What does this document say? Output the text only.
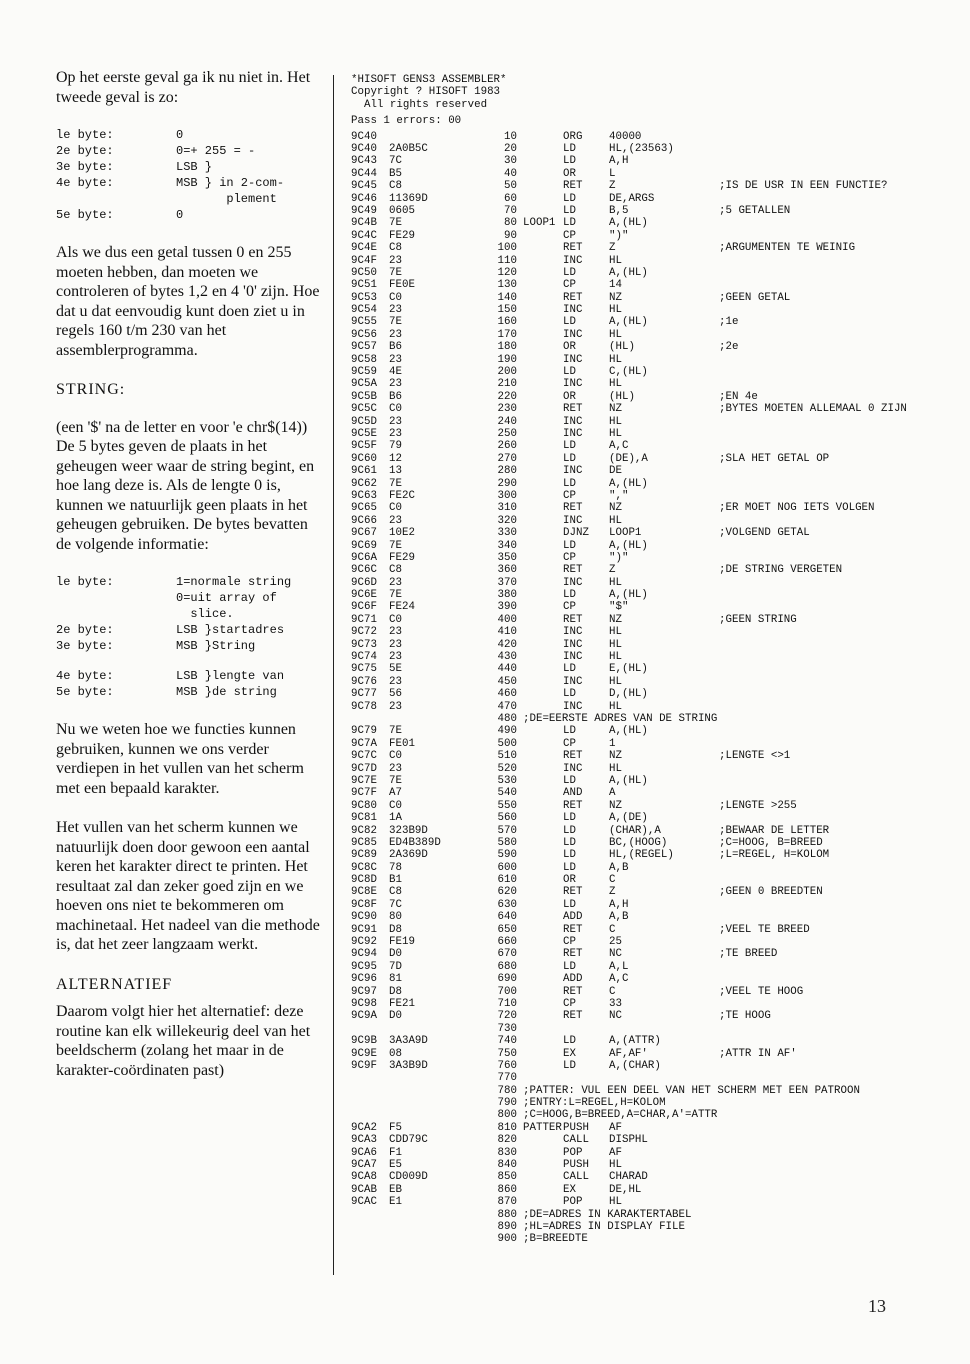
Op het eerste geval ga ik nu niet in. Het tweede geval is zo:

le byte:	0
2e byte:	0=+ 255 = -
3e byte:	LSB }
4e byte:	MSB } in 2-com-
plement
5e byte:	0

Als we dus een getal tussen 0 en 255 moeten hebben, dan moeten we controleren of bytes 1,2 en 4 '0' zijn. Hoe dat u dat eenvoudig kunt doen ziet u in regels 160 t/m 230 van het assemblerprogramma.

STRING:

(een '$' na de letter en voor 'e chr$(14))

De 5 bytes geven de plaats in het geheugen weer waar de string begint, en hoe lang deze is. Als de lengte 0 is, kunnen we natuurlijk geen plaats in het geheugen gebruiken. De bytes bevatten de volgende informatie:

le byte:	1=normale string
0=uit array of
slice.
2e byte:	LSB }startadres
3e byte:	MSB }String
4e byte:	LSB }lengte van
5e byte:	MSB }de string

Nu we weten hoe we functies kunnen gebruiken, kunnen we ons verder verdiepen in het vullen van het scherm met een bepaald karakter.

Het vullen van het scherm kunnen we natuurlijk doen door gewoon een aantal keren het karakter direct te printen. Het resultaat zal dan zeker goed zijn en we hoeven ons niet te bekommeren om machinetaal. Het nadeel van die methode is, dat het zeer langzaam werkt.

ALTERNATIEF

Daarom volgt hier het alternatief: deze routine kan elk willekeurig deel van het beeldscherm (zolang het maar in de karakter-coördinaten past)

*HISOFT GENS3 ASSEMBLER*
Copyright ? HISOFT 1983
All rights reserved
Pass 1 errors: 00
9C40	10	ORG	40000
9C40	2A0B5C	20	LD	HL,(23563)
9C43	7C	30	LD	A,H
9C44	B5	40	OR	L
9C45	C8	50	RET	Z	;IS DE USR IN EEN FUNCTIE?
9C46	11369D	60	LD	DE,ARGS
9C49	0605	70	LD	B,5	;5 GETALLEN
9C4B	7E	80 LOOP1 LD	A,(HL)
9C4C	FE29	90	CP	")"
9C4E	C8	100	RET	Z	;ARGUMENTEN TE WEINIG
9C4F	23	110	INC	HL
9C50	7E	120	LD	A,(HL)
9C51	FE0E	130	CP	14
9C53	C0	140	RET	NZ	;GEEN GETAL
9C54	23	150	INC	HL
9C55	7E	160	LD	A,(HL)	;1e
9C56	23	170	INC	HL
9C57	B6	180	OR	(HL)	;2e
9C58	23	190	INC	HL
9C59	4E	200	LD	C,(HL)
9C5A	23	210	INC	HL
9C5B	B6	220	OR	(HL)	;EN 4e
9C5C	C0	230	RET	NZ	;BYTES MOETEN ALLEMAAL 0 ZIJN
9C5D	23	240	INC	HL
9C5E	23	250	INC	HL
9C5F	79	260	LD	A,C
9C60	12	270	LD	(DE),A	;SLA HET GETAL OP
9C61	13	280	INC	DE
9C62	7E	290	LD	A,(HL)
9C63	FE2C	300	CP	","
9C65	C0	310	RET	NZ	;ER MOET NOG IETS VOLGEN
9C66	23	320	INC	HL
9C67	10E2	330	DJNZ	LOOP1	;VOLGEND GETAL
9C69	7E	340	LD	A,(HL)
9C6A	FE29	350	CP	")"
9C6C	C8	360	RET	Z	;DE STRING VERGETEN
9C6D	23	370	INC	HL
9C6E	7E	380	LD	A,(HL)
9C6F	FE24	390	CP	"$"
9C71	C0	400	RET	NZ	;GEEN STRING
9C72	23	410	INC	HL
9C73	23	420	INC	HL
9C74	23	430	INC	HL
9C75	5E	440	LD	E,(HL)
9C76	23	450	INC	HL
9C77	56	460	LD	D,(HL)
9C78	23	470	INC	HL
480 ;DE=EERSTE ADRES VAN DE STRING
9C79	7E	490	LD	A,(HL)
9C7A	FE01	500	CP	1
9C7C	C0	510	RET	NZ	;LENGTE <>1
9C7D	23	520	INC	HL
9C7E	7E	530	LD	A,(HL)
9C7F	A7	540	AND	A
9C80	C0	550	RET	NZ	;LENGTE >255
9C81	1A	560	LD	A,(DE)
9C82	323B9D	570	LD	(CHAR),A	;BEWAAR DE LETTER
9C85	ED4B389D	580	LD	BC,(HOOG)	;C=HOOG, B=BREED
9C89	2A369D	590	LD	HL,(REGEL)	;L=REGEL, H=KOLOM
9C8C	78	600	LD	A,B
9C8D	B1	610	OR	C
9C8E	C8	620	RET	Z	;GEEN 0 BREEDTEN
9C8F	7C	630	LD	A,H
9C90	80	640	ADD	A,B
9C91	D8	650	RET	C	;VEEL TE BREED
9C92	FE19	660	CP	25
9C94	D0	670	RET	NC	;TE BREED
9C95	7D	680	LD	A,L
9C96	81	690	ADD	A,C
9C97	D8	700	RET	C	;VEEL TE HOOG
9C98	FE21	710	CP	33
9C9A	D0	720	RET	NC	;TE HOOG
730
9C9B	3A3A9D	740	LD	A,(ATTR)
9C9E	08	750	EX	AF,AF'	;ATTR IN AF'
9C9F	3A3B9D	760	LD	A,(CHAR)
770
780 ;PATTER: VUL EEN DEEL VAN HET SCHERM MET EEN PATROON
790 ;ENTRY:L=REGEL,H=KOLOM
800 ;C=HOOG,B=BREED,A=CHAR,A'=ATTR
9CA2	F5	810 PATTER PUSH	AF
9CA3	CDD79C	820	CALL	DISPHL
9CA6	F1	830	POP	AF
9CA7	E5	840	PUSH	HL
9CA8	CD009D	850	CALL	CHARAD
9CAB	EB	860	EX	DE,HL
9CAC	E1	870	POP	HL
880 ;DE=ADRES IN KARAKTERTABEL
890 ;HL=ADRES IN DISPLAY FILE
900 ;B=BREEDTE
13
